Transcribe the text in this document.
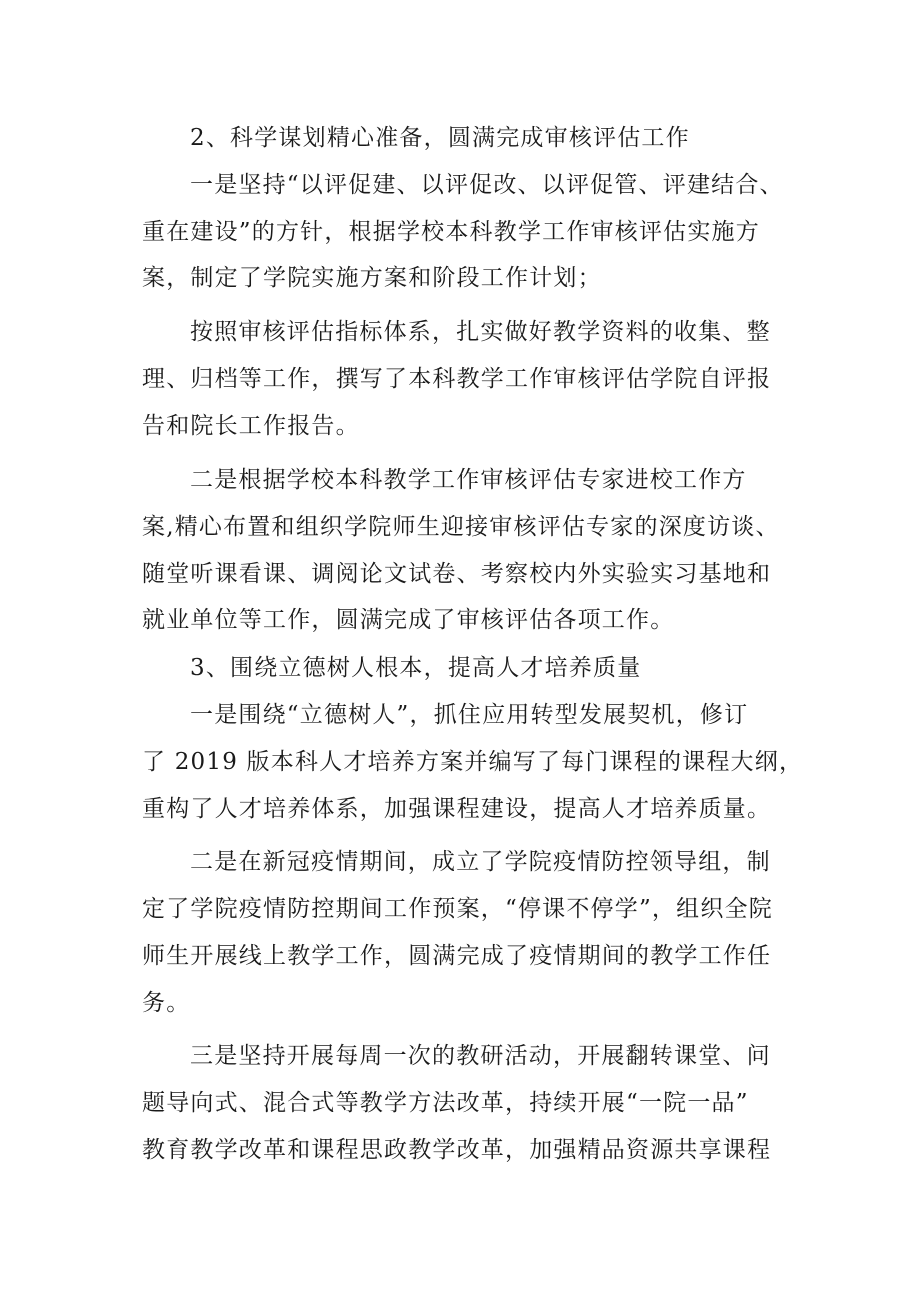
2、科学谋划精心准备，圆满完成审核评估工作
一是坚持“以评促建、以评促改、以评促管、评建结合、
重在建设”的方针，根据学校本科教学工作审核评估实施方
案，制定了学院实施方案和阶段工作计划；
按照审核评估指标体系，扎实做好教学资料的收集、整
理、归档等工作，撰写了本科教学工作审核评估学院自评报
告和院长工作报告。
二是根据学校本科教学工作审核评估专家进校工作方
案,精心布置和组织学院师生迎接审核评估专家的深度访谈、
随堂听课看课、调阅论文试卷、考察校内外实验实习基地和
就业单位等工作，圆满完成了审核评估各项工作。
3、围绕立德树人根本，提高人才培养质量
一是围绕“立德树人”，抓住应用转型发展契机，修订
了 2019 版本科人才培养方案并编写了每门课程的课程大纲，
重构了人才培养体系，加强课程建设，提高人才培养质量。
二是在新冠疫情期间，成立了学院疫情防控领导组，制
定了学院疫情防控期间工作预案，“停课不停学”，组织全院
师生开展线上教学工作，圆满完成了疫情期间的教学工作任
务。
三是坚持开展每周一次的教研活动，开展翻转课堂、问
题导向式、混合式等教学方法改革，持续开展“一院一品”
教育教学改革和课程思政教学改革，加强精品资源共享课程
